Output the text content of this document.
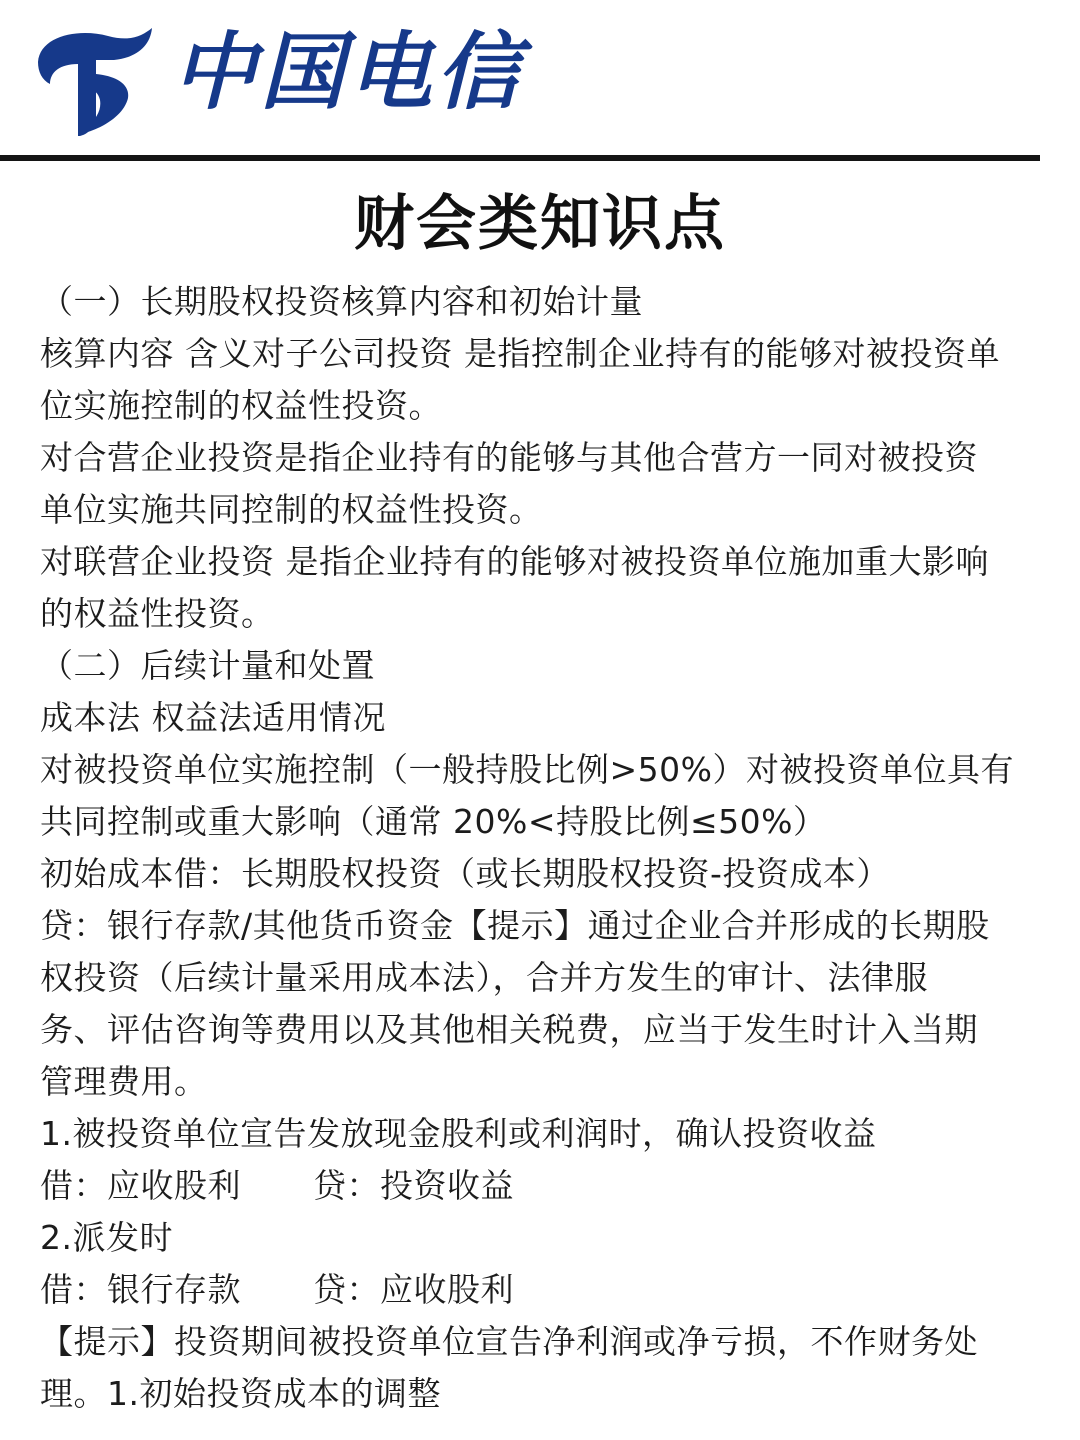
中国电信
财会类知识点
（一）长期股权投资核算内容和初始计量
核算内容 含义对子公司投资 是指控制企业持有的能够对被投资单
位实施控制的权益性投资。
对合营企业投资是指企业持有的能够与其他合营方一同对被投资
单位实施共同控制的权益性投资。
对联营企业投资 是指企业持有的能够对被投资单位施加重大影响
的权益性投资。
（二）后续计量和处置
成本法 权益法适用情况
对被投资单位实施控制（一般持股比例>50%）对被投资单位具有
共同控制或重大影响（通常 20%<持股比例≤50%）
初始成本借：长期股权投资（或长期股权投资-投资成本）
贷：银行存款/其他货币资金【提示】通过企业合并形成的长期股
权投资（后续计量采用成本法），合并方发生的审计、法律服
务、评估咨询等费用以及其他相关税费，应当于发生时计入当期
管理费用。
1.被投资单位宣告发放现金股利或利润时，确认投资收益
借：应收股利 贷：投资收益
2.派发时
借：银行存款 贷：应收股利
【提示】投资期间被投资单位宣告净利润或净亏损，不作财务处
理。1.初始投资成本的调整
